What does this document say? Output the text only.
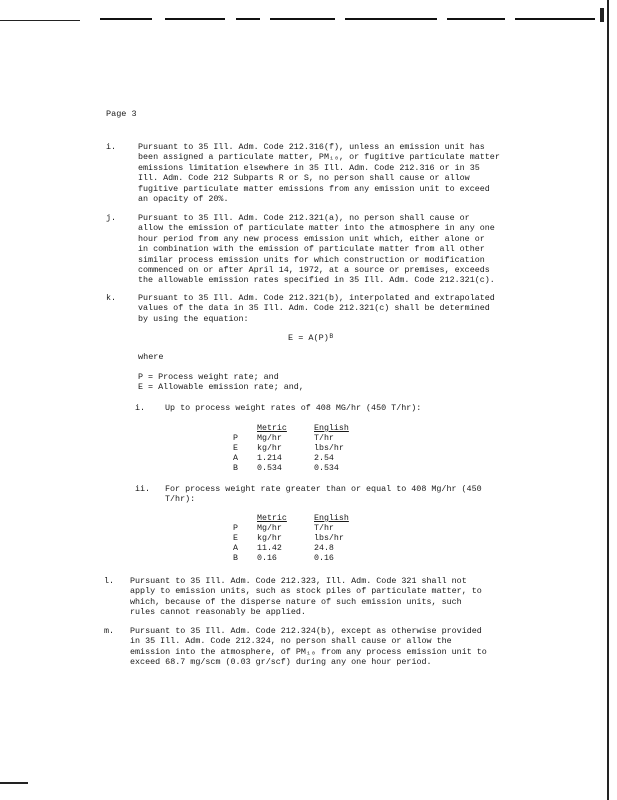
Page 3
i.	Pursuant to 35 Ill. Adm. Code 212.316(f), unless an emission unit has
been assigned a particulate matter, PM₁₀, or fugitive particulate matter
emissions limitation elsewhere in 35 Ill. Adm. Code 212.316 or in 35
Ill. Adm. Code 212 Subparts R or S, no person shall cause or allow
fugitive particulate matter emissions from any emission unit to exceed
an opacity of 20%.
j.	Pursuant to 35 Ill. Adm. Code 212.321(a), no person shall cause or
allow the emission of particulate matter into the atmosphere in any one
hour period from any new process emission unit which, either alone or
in combination with the emission of particulate matter from all other
similar process emission units for which construction or modification
commenced on or after April 14, 1972, at a source or premises, exceeds
the allowable emission rates specified in 35 Ill. Adm. Code 212.321(c).
k.	Pursuant to 35 Ill. Adm. Code 212.321(b), interpolated and extrapolated
values of the data in 35 Ill. Adm. Code 212.321(c) shall be determined
by using the equation:
E = A(P)ᴮ
where
P = Process weight rate; and
E = Allowable emission rate; and,
i. Up to process weight rates of 408 MG/hr (450 T/hr):
	Metric	English
P	Mg/hr	T/hr
E	kg/hr	lbs/hr
A	1.214	2.54
B	0.534	0.534
ii. For process weight rate greater than or equal to 408 Mg/hr (450
T/hr):
	Metric	English
P	Mg/hr	T/hr
E	kg/hr	lbs/hr
A	11.42	24.8
B	0.16	0.16
l.	Pursuant to 35 Ill. Adm. Code 212.323, Ill. Adm. Code 321 shall not
apply to emission units, such as stock piles of particulate matter, to
which, because of the disperse nature of such emission units, such
rules cannot reasonably be applied.
m.	Pursuant to 35 Ill. Adm. Code 212.324(b), except as otherwise provided
in 35 Ill. Adm. Code 212.324, no person shall cause or allow the
emission into the atmosphere, of PM₁₀ from any process emission unit to
exceed 68.7 mg/scm (0.03 gr/scf) during any one hour period.
